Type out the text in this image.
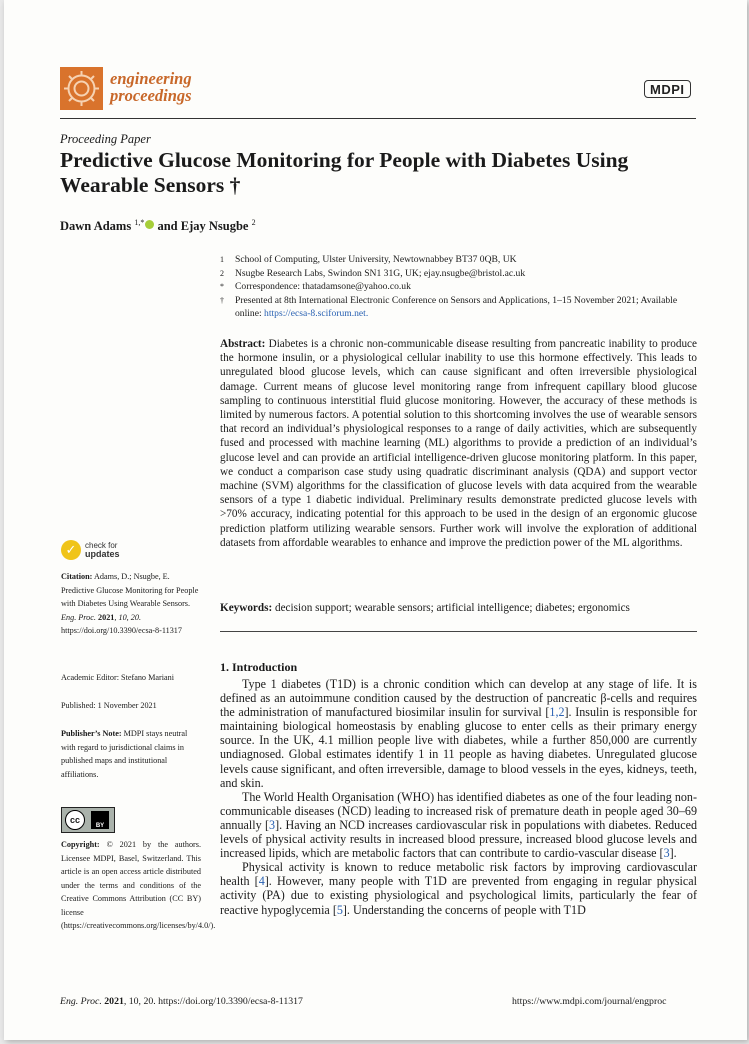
engineering
proceedings	MDPI
Proceeding Paper
Predictive Glucose Monitoring for People with Diabetes Using Wearable Sensors †
Dawn Adams $^{1,*}$ and Ejay Nsugbe $^2$
1	School of Computing, Ulster University, Newtownabbey BT37 0QB, UK
2	Nsugbe Research Labs, Swindon SN1 31G, UK; ejay.nsugbe@bristol.ac.uk
*	Correspondence: thatadamsone@yahoo.co.uk
†	Presented at 8th International Electronic Conference on Sensors and Applications, 1–15 November 2021; Available online: https://ecsa-8.sciforum.net.
Abstract: Diabetes is a chronic non-communicable disease resulting from pancreatic inability to produce the hormone insulin, or a physiological cellular inability to use this hormone effectively. This leads to unregulated blood glucose levels, which can cause significant and often irreversible physiological damage. Current means of glucose level monitoring range from infrequent capillary blood glucose sampling to continuous interstitial fluid glucose monitoring. However, the accuracy of these methods is limited by numerous factors. A potential solution to this shortcoming involves the use of wearable sensors that record an individual’s physiological responses to a range of daily activities, which are subsequently fused and processed with machine learning (ML) algorithms to provide a prediction of an individual’s glucose level and can provide an artificial intelligence-driven glucose monitoring platform. In this paper, we conduct a comparison case study using quadratic discriminant analysis (QDA) and support vector machine (SVM) algorithms for the classification of glucose levels with data acquired from the wearable sensors of a type 1 diabetic individual. Preliminary results demonstrate predicted glucose levels with >70% accuracy, indicating potential for this approach to be used in the design of an ergonomic glucose prediction platform utilizing wearable sensors. Further work will involve the exploration of additional datasets from affordable wearables to enhance and improve the prediction power of the ML algorithms.
Keywords: decision support; wearable sensors; artificial intelligence; diabetes; ergonomics
✓	check for
updates
Citation: Adams, D.; Nsugbe, E. Predictive Glucose Monitoring for People with Diabetes Using Wearable Sensors. Eng. Proc. 2021, 10, 20. https://doi.org/10.3390/ecsa-8-11317
Academic Editor: Stefano Mariani
Published: 1 November 2021
Publisher’s Note: MDPI stays neutral with regard to jurisdictional claims in published maps and institutional affiliations.
cc
BY
Copyright: © 2021 by the authors. Licensee MDPI, Basel, Switzerland. This article is an open access article distributed under the terms and conditions of the Creative Commons Attribution (CC BY) license (https://creativecommons.org/licenses/by/4.0/).
1. Introduction

Type 1 diabetes (T1D) is a chronic condition which can develop at any stage of life. It is defined as an autoimmune condition caused by the destruction of pancreatic β-cells and requires the administration of manufactured biosimilar insulin for survival [1,2]. Insulin is responsible for maintaining biological homeostasis by enabling glucose to enter cells as their primary energy source. In the UK, 4.1 million people live with diabetes, while a further 850,000 are currently undiagnosed. Global estimates identify 1 in 11 people as having diabetes. Unregulated glucose levels cause significant, and often irreversible, damage to blood vessels in the eyes, kidneys, teeth, and skin.

The World Health Organisation (WHO) has identified diabetes as one of the four leading non-communicable diseases (NCD) leading to increased risk of premature death in people aged 30–69 annually [3]. Having an NCD increases cardiovascular risk in populations with diabetes. Reduced levels of physical activity results in increased blood pressure, increased blood glucose levels and increased lipids, which are metabolic factors that can contribute to cardio-vascular disease [3].

Physical activity is known to reduce metabolic risk factors by improving cardiovascular health [4]. However, many people with T1D are prevented from engaging in regular physical activity (PA) due to existing physiological and psychological limits, particularly the fear of reactive hypoglycemia [5]. Understanding the concerns of people with T1D

Eng. Proc. 2021, 10, 20. https://doi.org/10.3390/ecsa-8-11317	https://www.mdpi.com/journal/engproc
